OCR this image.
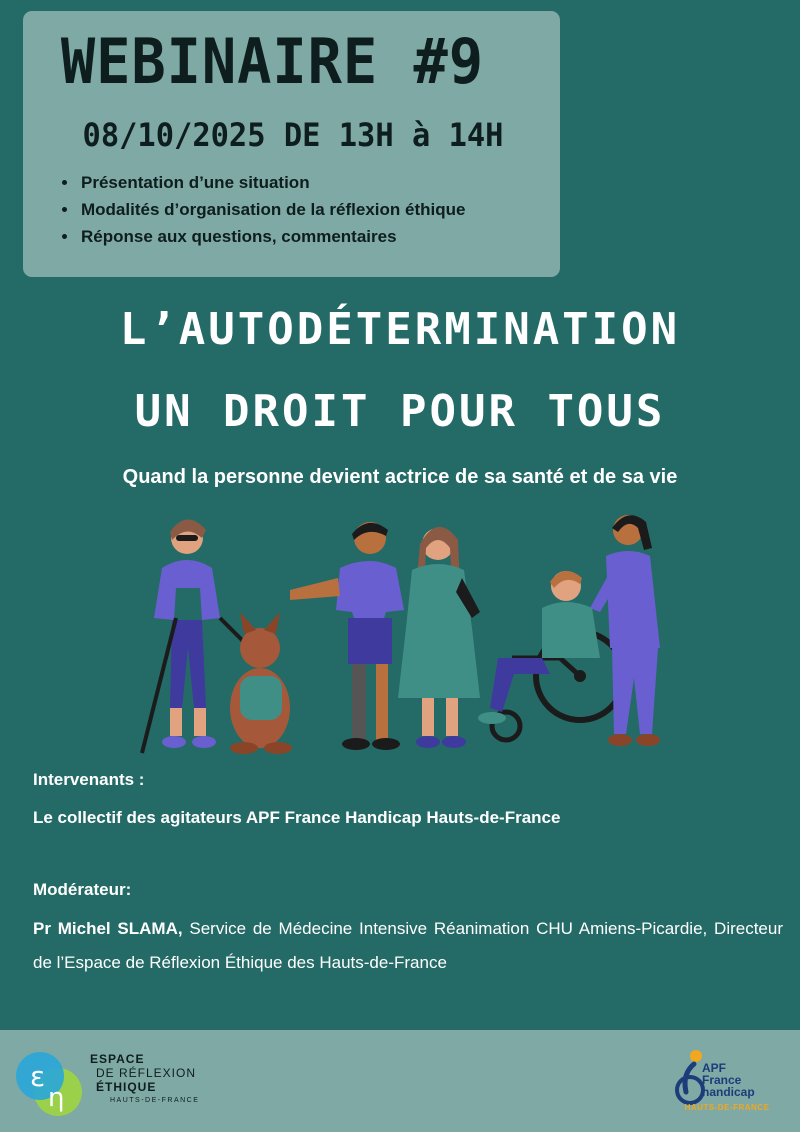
WEBINAIRE #9
08/10/2025 DE 13H à 14H
• Présentation d’une situation
• Modalités d’organisation de la réflexion éthique
• Réponse aux questions, commentaires
L’AUTODÉTERMINATION
UN DROIT POUR TOUS
Quand la personne devient actrice de sa santé et de sa vie
Intervenants :
Le collectif des agitateurs APF France Handicap Hauts-de-France
Modérateur:
Pr Michel SLAMA, Service de Médecine Intensive Réanimation CHU Amiens-Picardie, Directeur de l’Espace de Réflexion Éthique des Hauts-de-France
ε
η
ESPACE
DE RÉFLEXION
ÉTHIQUE
HAUTS-DE-FRANCE
APF
France
handicap
HAUTS-DE-FRANCE
